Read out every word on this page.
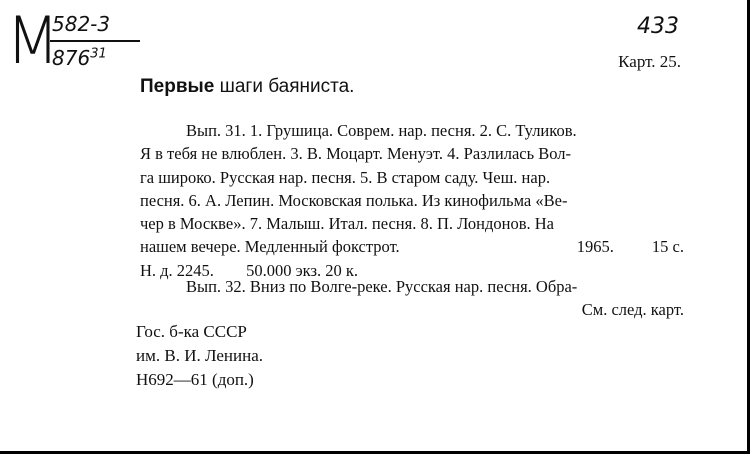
М
582-3
$876^{31}$
433
Карт. 25.
Первые шаги баяниста.
Вып. 31. 1. Грушица. Соврем. нар. песня. 2. С. Туликов.
Я в тебя не влюблен. 3. В. Моцарт. Менуэт. 4. Разлилась Вол-
га широко. Русская нар. песня. 5. В старом саду. Чеш. нар.
песня. 6. А. Лепин. Московская полька. Из кинофильма «Ве-
чер в Москве». 7. Малыш. Итал. песня. 8. П. Лондонов. На
нашем вечере. Медленный фокстрот.	1965. 15 с.
Н. д. 2245. 50.000 экз. 20 к.
Вып. 32. Вниз по Волге-реке. Русская нар. песня. Обра-
См. след. карт.
Гос. б-ка СССР
им. В. И. Ленина.
Н692—61 (доп.)
